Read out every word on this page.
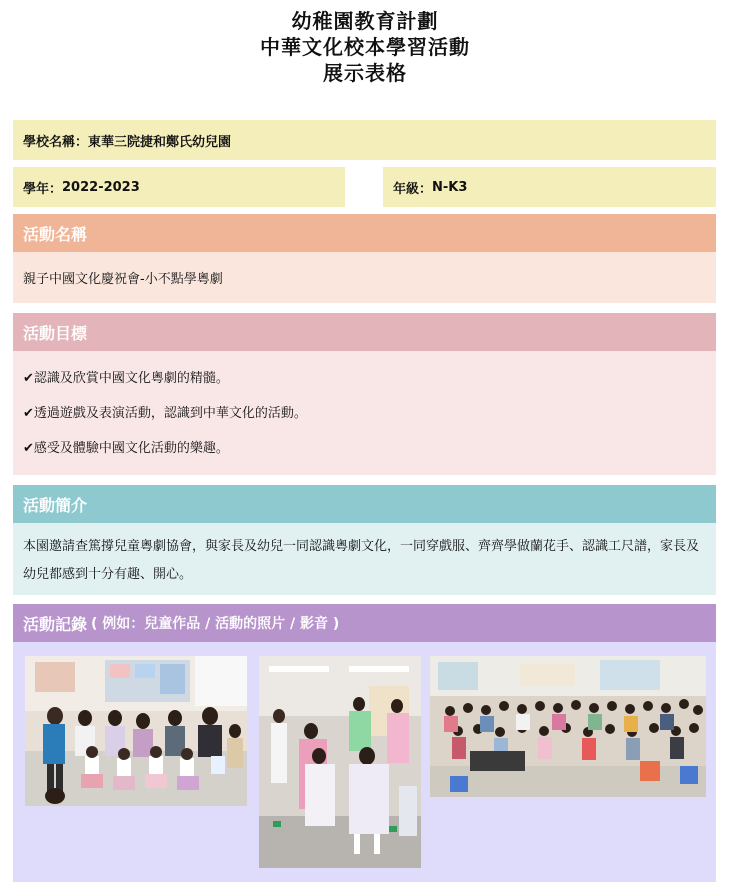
幼稚園教育計劃
中華文化校本學習活動
展示表格
學校名稱： 東華三院捷和鄭氏幼兒園
學年： 2022-2023	年級： N-K3
活動名稱
親子中國文化慶祝會-小不點學粵劇
活動目標
✔認識及欣賞中國文化粵劇的精髓。
✔透過遊戲及表演活動，認識到中華文化的活動。
✔感受及體驗中國文化活動的樂趣。
活動簡介
本園邀請查篤撐兒童粵劇協會，與家長及幼兒一同認識粵劇文化，一同穿戲服、齊齊學做蘭花手、認識工尺譜，家長及幼兒都感到十分有趣、開心。
活動記錄 ( 例如：兒童作品 / 活動的照片 / 影音 )
